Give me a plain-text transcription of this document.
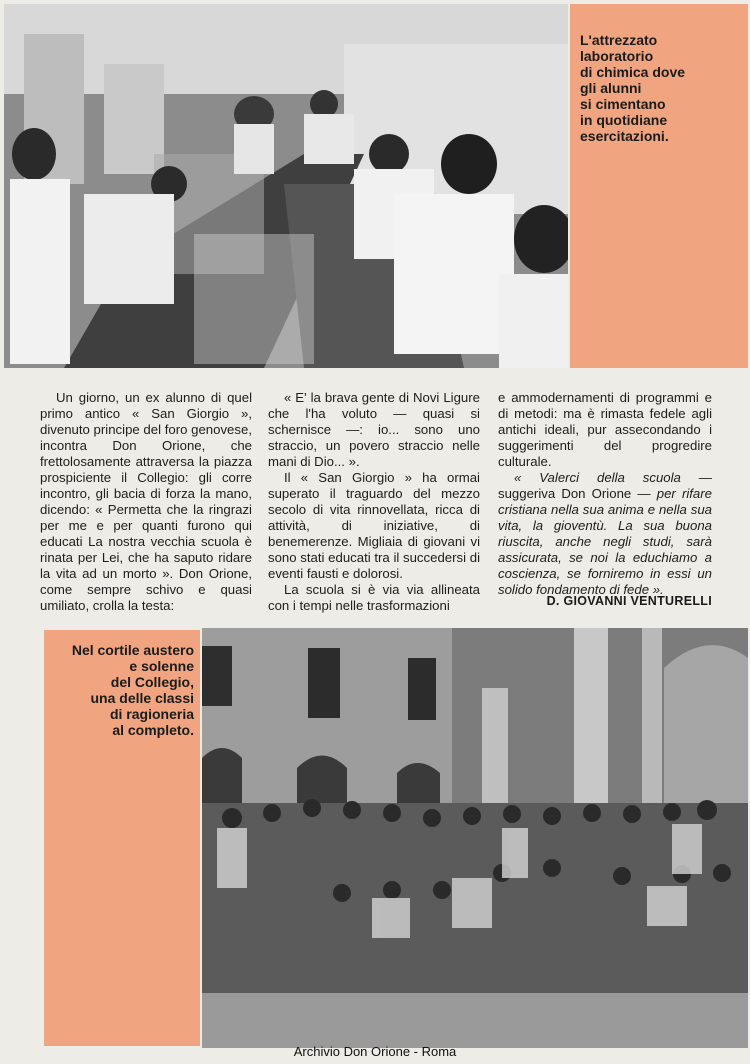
L'attrezzato
laboratorio
di chimica dove
gli alunni
si cimentano
in quotidiane
esercitazioni.

Un giorno, un ex alunno di quel primo antico « San Giorgio », divenuto principe del foro genovese, incontra Don Orione, che frettolosamente attraversa la piazza prospiciente il Collegio: gli corre incontro, gli bacia di forza la mano, dicendo: « Permetta che la ringrazi per me e per quanti furono qui educati La nostra vecchia scuola è rinata per Lei, che ha saputo ridare la vita ad un morto ». Don Orione, come sempre schivo e quasi umiliato, crolla la testa:

« E' la brava gente di Novi Ligure che l'ha voluto — quasi si schernisce —: io... sono uno straccio, un povero straccio nelle mani di Dio... ».

Il « San Giorgio » ha ormai superato il traguardo del mezzo secolo di vita rinnovellata, ricca di attività, di iniziative, di benemerenze. Migliaia di giovani vi sono stati educati tra il succedersi di eventi fausti e dolorosi.

La scuola si è via via allineata con i tempi nelle trasformazioni

e ammodernamenti di programmi e di metodi: ma è rimasta fedele agli antichi ideali, pur assecondando i suggerimenti del progredire culturale.

« Valerci della scuola — suggeriva Don Orione — per rifare cristiana nella sua anima e nella sua vita, la gioventù. La sua buona riuscita, anche negli studi, sarà assicurata, se noi la educhiamo a coscienza, se forniremo in essi un solido fondamento di fede ».

D. GIOVANNI VENTURELLI

Nel cortile austero
e solenne
del Collegio,
una delle classi
di ragioneria
al completo.

Archivio Don Orione - Roma
